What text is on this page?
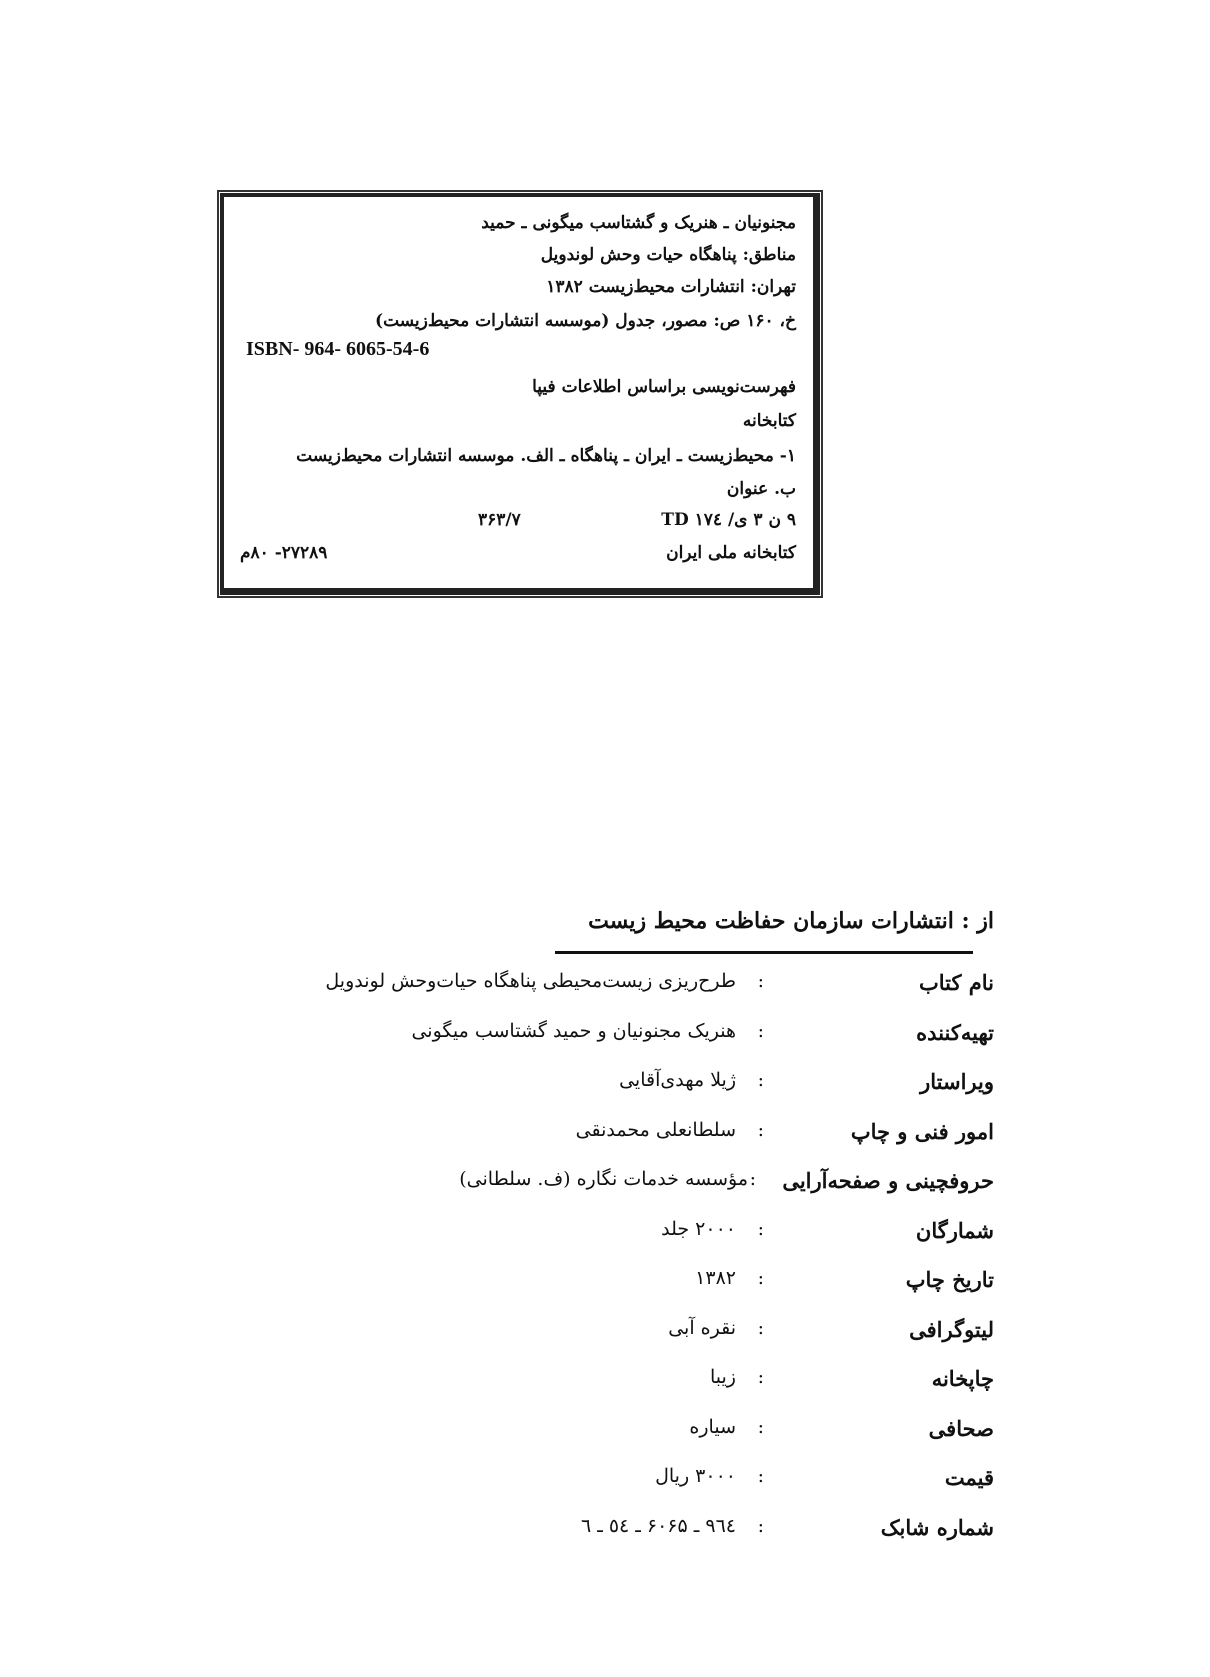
مجنونیان ـ هنریک و گشتاسب میگونی ـ حمید
مناطق: پناهگاه حیات وحش لوندویل
تهران: انتشارات محیط‌زیست ۱۳۸۲
خ، ۱۶۰ ص: مصور، جدول (موسسه انتشارات محیط‌زیست)
ISBN- 964- 6065-54-6
فهرست‌نویسی براساس اطلاعات فیپا
کتابخانه
۱- محیط‌زیست ـ ایران ـ پناهگاه ـ الف. موسسه انتشارات محیط‌زیست
ب. عنوان
۹ ن ۳ ی/ ۱۷٤ TD
۳۶۳/۷
کتابخانه ملی ایران
۲۷۲۸۹- ۸۰م
از : انتشارات سازمان حفاظت محیط زیست
نام کتاب
:
طرح‌ریزی زیست‌محیطی پناهگاه حیات‌وحش لوندویل
تهیه‌کننده
:
هنریک مجنونیان و حمید گشتاسب میگونی
ویراستار
:
ژیلا مهدی‌آقایی
امور فنی و چاپ
:
سلطانعلی محمدنقی
حروفچینی و صفحه‌آرایی
:
مؤسسه خدمات نگاره (ف. سلطانی)
شمارگان
:
۲۰۰۰ جلد
تاریخ چاپ
:
۱۳۸۲
لیتوگرافی
:
نقره آبی
چاپخانه
:
زیبا
صحافی
:
سیاره
قیمت
:
۳۰۰۰ ریال
شماره شابک
:
۹٦٤ ـ ۶۰۶۵ ـ ٥٤ ـ ٦
